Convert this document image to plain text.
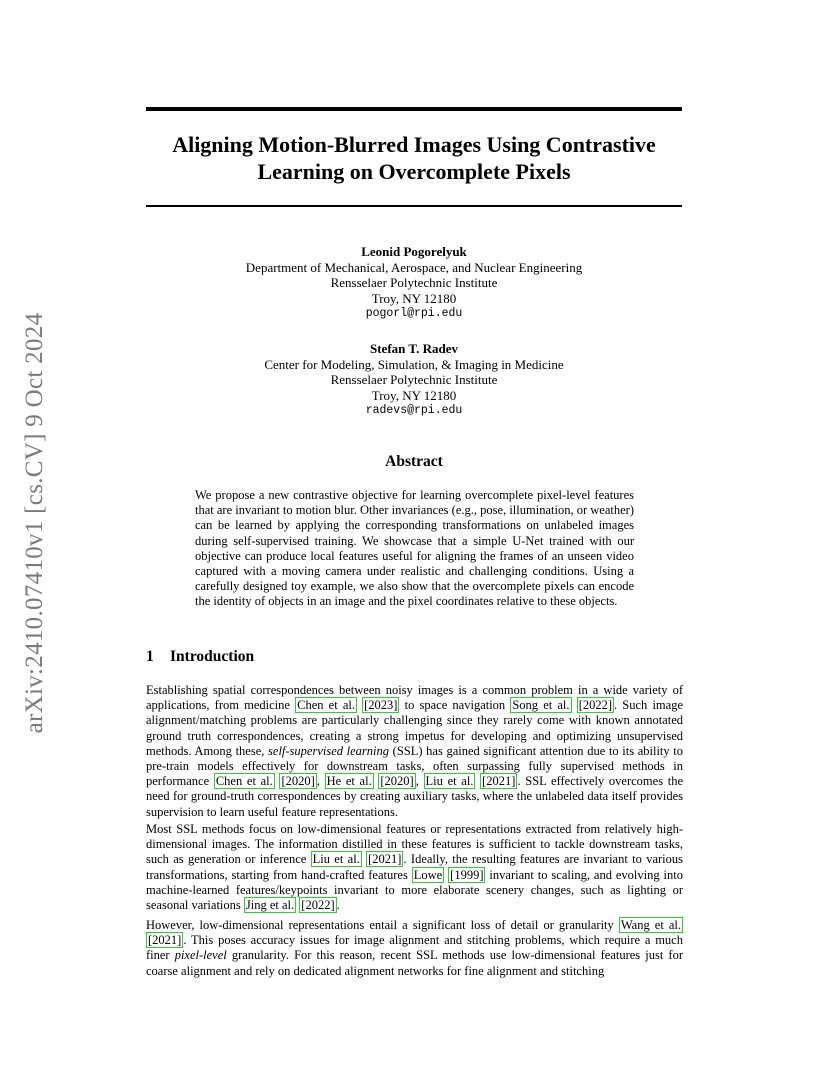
arXiv:2410.07410v1 [cs.CV] 9 Oct 2024
Aligning Motion-Blurred Images Using Contrastive
Learning on Overcomplete Pixels
Leonid Pogorelyuk
Department of Mechanical, Aerospace, and Nuclear Engineering
Rensselaer Polytechnic Institute
Troy, NY 12180
pogorl@rpi.edu
Stefan T. Radev
Center for Modeling, Simulation, & Imaging in Medicine
Rensselaer Polytechnic Institute
Troy, NY 12180
radevs@rpi.edu
Abstract
We propose a new contrastive objective for learning overcomplete pixel-level features that are invariant to motion blur. Other invariances (e.g., pose, illumination, or weather) can be learned by applying the corresponding transformations on unlabeled images during self-supervised training. We showcase that a simple U-Net trained with our objective can produce local features useful for aligning the frames of an unseen video captured with a moving camera under realistic and challenging conditions. Using a carefully designed toy example, we also show that the overcomplete pixels can encode the identity of objects in an image and the pixel coordinates relative to these objects.
1 Introduction

Establishing spatial correspondences between noisy images is a common problem in a wide variety of applications, from medicine Chen et al. [2023] to space navigation Song et al. [2022] . Such image alignment/matching problems are particularly challenging since they rarely come with known annotated ground truth correspondences, creating a strong impetus for developing and optimizing unsupervised methods. Among these, self-supervised learning (SSL) has gained significant attention due to its ability to pre-train models effectively for downstream tasks, often surpassing fully supervised methods in performance Chen et al. [2020] , He et al. [2020] , Liu et al. [2021] . SSL effectively overcomes the need for ground-truth correspondences by creating auxiliary tasks, where the unlabeled data itself provides supervision to learn useful feature representations.

Most SSL methods focus on low-dimensional features or representations extracted from relatively high-dimensional images. The information distilled in these features is sufficient to tackle downstream tasks, such as generation or inference Liu et al. [2021] . Ideally, the resulting features are invariant to various transformations, starting from hand-crafted features Lowe [1999] invariant to scaling, and evolving into machine-learned features/keypoints invariant to more elaborate scenery changes, such as lighting or seasonal variations Jing et al. [2022] .

However, low-dimensional representations entail a significant loss of detail or granularity Wang et al. [2021] . This poses accuracy issues for image alignment and stitching problems, which require a much finer pixel-level granularity. For this reason, recent SSL methods use low-dimensional features just for coarse alignment and rely on dedicated alignment networks for fine alignment and stitching
